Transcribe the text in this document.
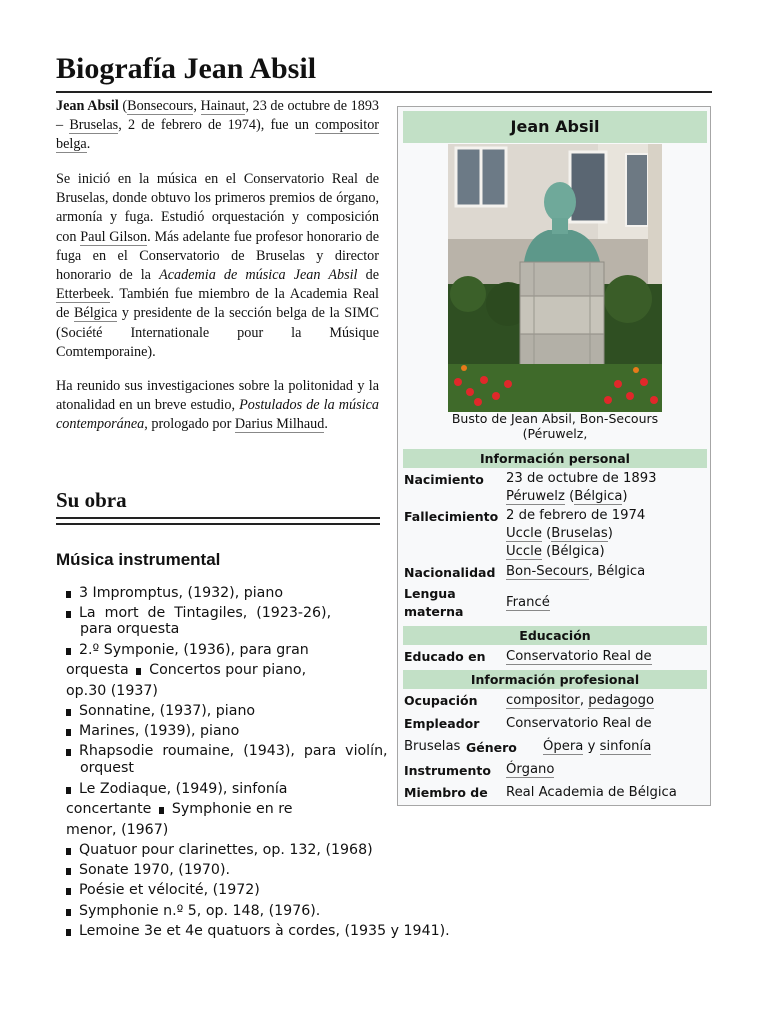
Biografía Jean Absil

Jean Absil (Bonsecours, Hainaut, 23 de octubre de 1893 – Bruselas, 2 de febrero de 1974), fue un compositor belga.

Se inició en la música en el Conservatorio Real de Bruselas, donde obtuvo los primeros premios de órgano, armonía y fuga. Estudió orquestación y composición con Paul Gilson. Más adelante fue profesor honorario de fuga en el Conservatorio de Bruselas y director honorario de la Academia de música Jean Absil de Etterbeek. También fue miembro de la Academia Real de Bélgica y presidente de la sección belga de la SIMC (Société Internationale pour la Músique Comtemporaine).

Ha reunido sus investigaciones sobre la politonidad y la atonalidad en un breve estudio, Postulados de la música contemporánea, prologado por Darius Milhaud.

Su obra
Música instrumental
3 Impromptus, (1932), piano
La  mort  de  Tintagiles,  (1923-26),
para orquesta
2.º Symponie, (1936), para gran
orquesta Concertos pour piano,
op.30 (1937)
Sonnatine, (1937), piano
Marines, (1939), piano
Rhapsodie  roumaine,  (1943),  para  violín,
orquest
Le Zodiaque, (1949), sinfonía
concertante Symphonie en re
menor, (1967)
Quatuor pour clarinettes, op. 132, (1968)
Sonate 1970, (1970).
Poésie et vélocité, (1972)
Symphonie n.º 5, op. 148, (1976).
Lemoine 3e et 4e quatuors à cordes, (1935 y 1941).
Jean Absil
Busto de Jean Absil, Bon-Secours
(Péruwelz,
Información personal
Nacimiento 23 de octubre de 1893
Péruwelz (Bélgica)
Fallecimiento 2 de febrero de 1974
Uccle (Bruselas)
Uccle (Bélgica)
Nacionalidad Bon-Secours, Bélgica
Lengua
materna
Francé
Educación
Educado en Conservatorio Real de
Información profesional
Ocupación compositor, pedagogo
Empleador Conservatorio Real de
Bruselas Género Ópera y sinfonía
Instrumento Órgano
Miembro de Real Academia de Bélgica
